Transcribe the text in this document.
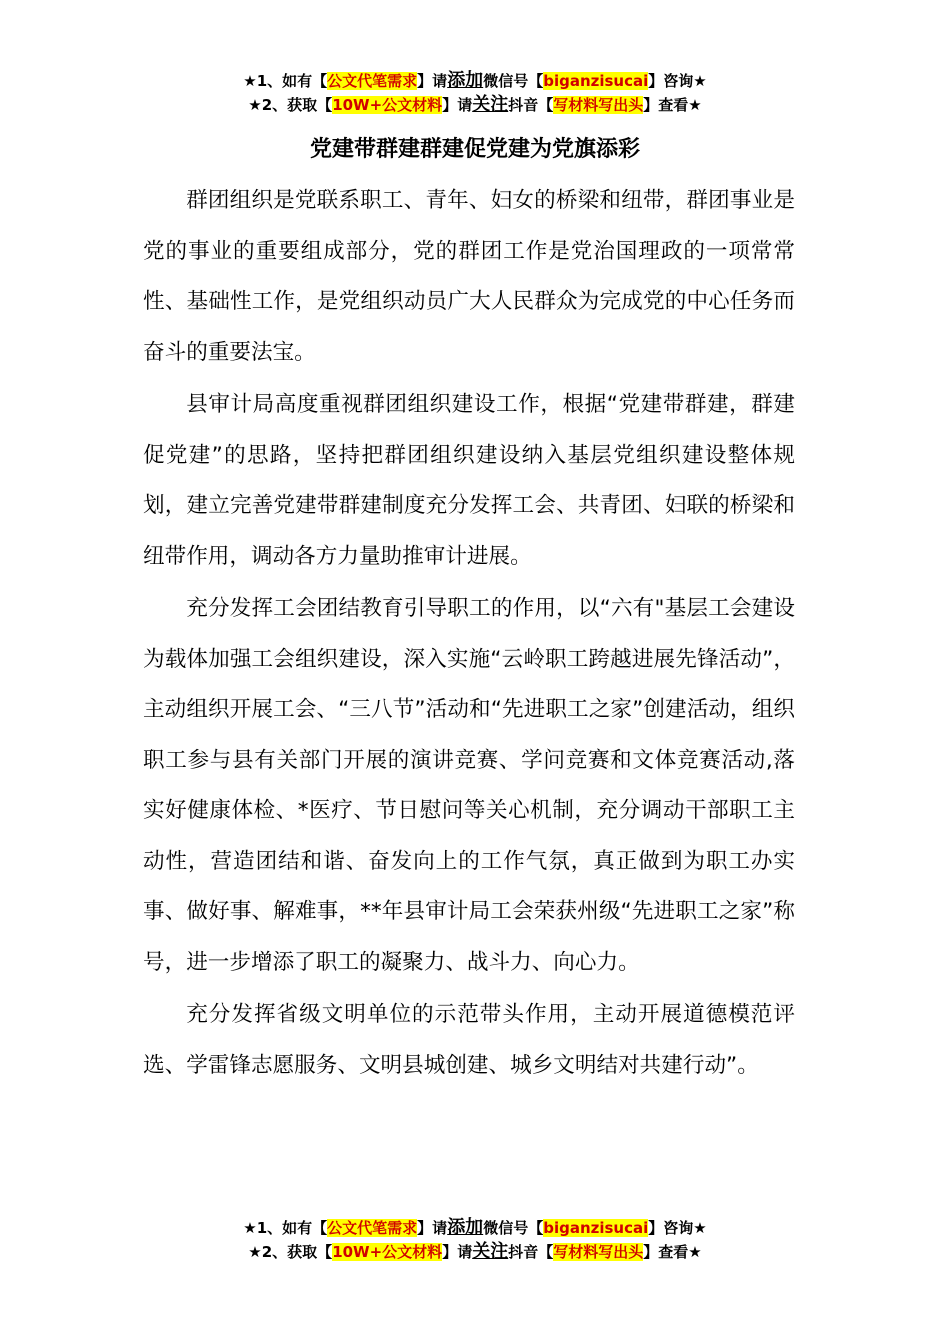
★1、如有【公文代笔需求】请添加微信号【biganzisucai】咨询★
★2、获取【10W+公文材料】请关注抖音【写材料写出头】查看★
党建带群建群建促党建为党旗添彩

群团组织是党联系职工、青年、妇女的桥梁和纽带，群团事业是党的事业的重要组成部分，党的群团工作是党治国理政的一项常常性、基础性工作，是党组织动员广大人民群众为完成党的中心任务而奋斗的重要法宝。

县审计局高度重视群团组织建设工作，根据“党建带群建，群建促党建”的思路，坚持把群团组织建设纳入基层党组织建设整体规划，建立完善党建带群建制度充分发挥工会、共青团、妇联的桥梁和纽带作用，调动各方力量助推审计进展。

充分发挥工会团结教育引导职工的作用，以“六有"基层工会建设为载体加强工会组织建设，深入实施“云岭职工跨越进展先锋活动”，主动组织开展工会、“三八节”活动和“先进职工之家”创建活动，组织职工参与县有关部门开展的演讲竞赛、学问竞赛和文体竞赛活动,落实好健康体检、*医疗、节日慰问等关心机制，充分调动干部职工主动性，营造团结和谐、奋发向上的工作气氛，真正做到为职工办实事、做好事、解难事，**年县审计局工会荣获州级“先进职工之家”称号，进一步增添了职工的凝聚力、战斗力、向心力。

充分发挥省级文明单位的示范带头作用，主动开展道德模范评选、学雷锋志愿服务、文明县城创建、城乡文明结对共建行动”。

★1、如有【公文代笔需求】请添加微信号【biganzisucai】咨询★
★2、获取【10W+公文材料】请关注抖音【写材料写出头】查看★
